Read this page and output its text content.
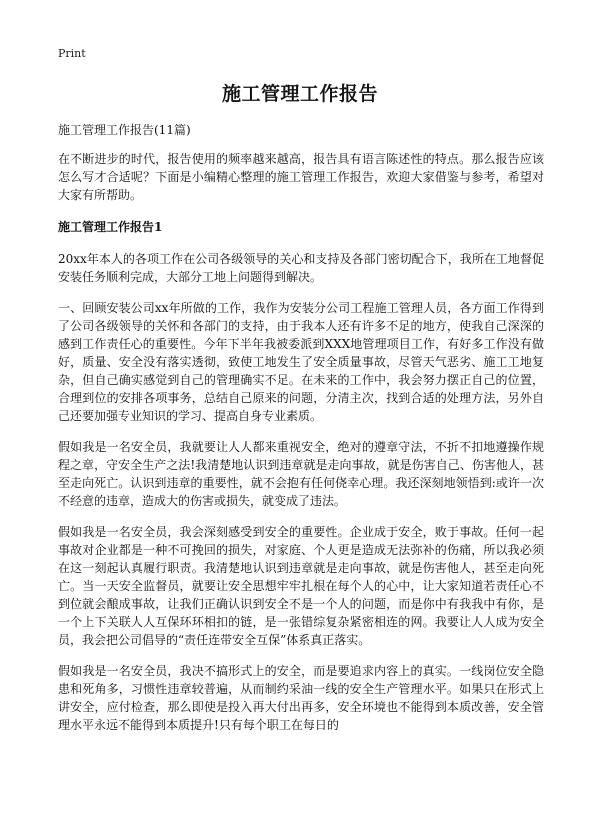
Print
施工管理工作报告

施工管理工作报告(11篇)

在不断进步的时代，报告使用的频率越来越高，报告具有语言陈述性的特点。那么报告应该怎么写才合适呢？下面是小编精心整理的施工管理工作报告，欢迎大家借鉴与参考，希望对大家有所帮助。

施工管理工作报告1

20xx年本人的各项工作在公司各级领导的关心和支持及各部门密切配合下，我所在工地督促安装任务顺利完成，大部分工地上问题得到解决。

一、回顾安装公司xx年所做的工作，我作为安装分公司工程施工管理人员，各方面工作得到了公司各级领导的关怀和各部门的支持，由于我本人还有许多不足的地方，使我自己深深的感到工作责任心的重要性。今年下半年我被委派到XXX地管理项目工作，有好多工作没有做好，质量、安全没有落实透彻，致使工地发生了安全质量事故，尽管天气恶劣、施工工地复杂，但自己确实感觉到自己的管理确实不足。在未来的工作中，我会努力摆正自己的位置，合理到位的安排各项事务，总结自己原来的问题，分清主次，找到合适的处理方法，另外自己还要加强专业知识的学习、提高自身专业素质。

假如我是一名安全员，我就要让人人都来重视安全，绝对的遵章守法，不折不扣地遵操作规程之章，守安全生产之法!我清楚地认识到违章就是走向事故，就是伤害自己、伤害他人，甚至走向死亡。认识到违章的重要性，就不会抱有任何侥幸心理。我还深刻地领悟到:或许一次不经意的违章，造成大的伤害或损失，就变成了违法。

假如我是一名安全员，我会深刻感受到安全的重要性。企业成于安全，败于事故。任何一起事故对企业都是一种不可挽回的损失，对家庭、个人更是造成无法弥补的伤痛，所以我必须在这一刻起认真履行职责。我清楚地认识到违章就是走向事故，就是伤害他人，甚至走向死亡。当一天安全监督员，就要让安全思想牢牢扎根在每个人的心中，让大家知道若责任心不到位就会酿成事故，让我们正确认识到安全不是一个人的问题，而是你中有我我中有你，是一个上下关联人人互保环环相扣的链，是一张错综复杂紧密相连的网。我要让人人成为安全员，我会把公司倡导的“责任连带安全互保”体系真正落实。

假如我是一名安全员，我决不搞形式上的安全，而是要追求内容上的真实。一线岗位安全隐患和死角多，习惯性违章较普遍，从而制约采油一线的安全生产管理水平。如果只在形式上讲安全，应付检查，那么即使是投入再大付出再多，安全环境也不能得到本质改善，安全管理水平永远不能得到本质提升!只有每个职工在每日的
